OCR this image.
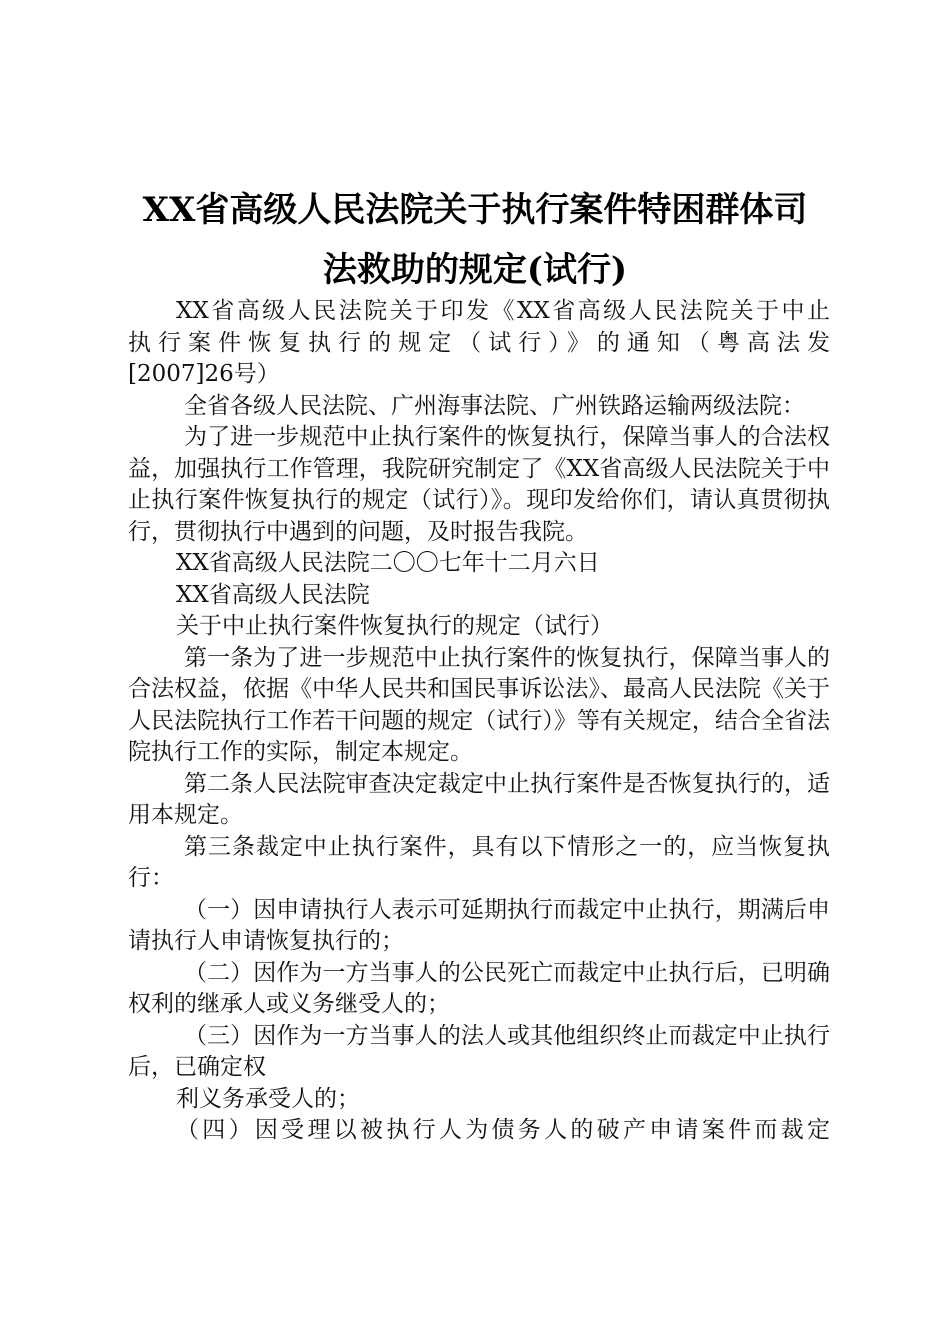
XX省高级人民法院关于执行案件特困群体司
法救助的规定(试行)

XX省高级人民法院关于印发《XX省高级人民法院关于中止

执行案件恢复执行的规定（试行）》的通知（粤高法发

[2007]26号）

全省各级人民法院、广州海事法院、广州铁路运输两级法院：

为了进一步规范中止执行案件的恢复执行，保障当事人的合法权益，加强执行工作管理，我院研究制定了《XX省高级人民法院关于中止执行案件恢复执行的规定（试行）》。现印发给你们，请认真贯彻执行，贯彻执行中遇到的问题，及时报告我院。

XX省高级人民法院二〇〇七年十二月六日

XX省高级人民法院

关于中止执行案件恢复执行的规定（试行）

第一条为了进一步规范中止执行案件的恢复执行，保障当事人的合法权益，依据《中华人民共和国民事诉讼法》、最高人民法院《关于人民法院执行工作若干问题的规定（试行）》等有关规定，结合全省法院执行工作的实际，制定本规定。

第二条人民法院审查决定裁定中止执行案件是否恢复执行的，适用本规定。

第三条裁定中止执行案件，具有以下情形之一的，应当恢复执行：

（一）因申请执行人表示可延期执行而裁定中止执行，期满后申请执行人申请恢复执行的；

（二）因作为一方当事人的公民死亡而裁定中止执行后，已明确权利的继承人或义务继受人的；

（三）因作为一方当事人的法人或其他组织终止而裁定中止执行后，已确定权

利义务承受人的；

（四）因受理以被执行人为债务人的破产申请案件而裁定
